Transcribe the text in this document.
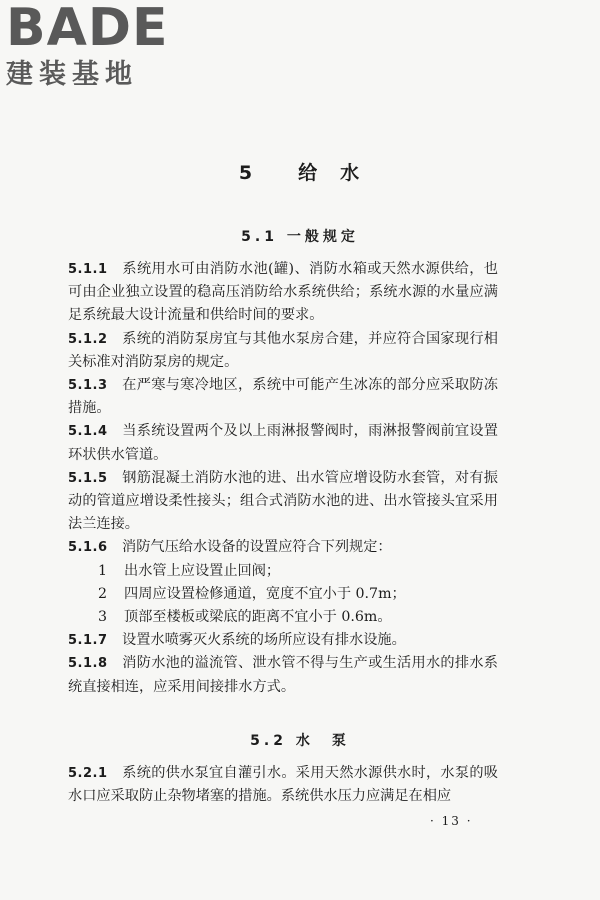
BADE
建装基地
5 给　水
5.1 一般规定

5.1.1 系统用水可由消防水池(罐)、消防水箱或天然水源供给，也可由企业独立设置的稳高压消防给水系统供给；系统水源的水量应满足系统最大设计流量和供给时间的要求。

5.1.2 系统的消防泵房宜与其他水泵房合建，并应符合国家现行相关标准对消防泵房的规定。

5.1.3 在严寒与寒冷地区，系统中可能产生冰冻的部分应采取防冻措施。

5.1.4 当系统设置两个及以上雨淋报警阀时，雨淋报警阀前宜设置环状供水管道。

5.1.5 钢筋混凝土消防水池的进、出水管应增设防水套管，对有振动的管道应增设柔性接头；组合式消防水池的进、出水管接头宜采用法兰连接。

5.1.6 消防气压给水设备的设置应符合下列规定：

1 出水管上应设置止回阀；

2 四周应设置检修通道，宽度不宜小于 0.7m；

3 顶部至楼板或梁底的距离不宜小于 0.6m。

5.1.7 设置水喷雾灭火系统的场所应设有排水设施。

5.1.8 消防水池的溢流管、泄水管不得与生产或生活用水的排水系统直接相连，应采用间接排水方式。

5.2 水　泵

5.2.1 系统的供水泵宜自灌引水。采用天然水源供水时，水泵的吸水口应采取防止杂物堵塞的措施。系统供水压力应满足在相应

· 13 ·
